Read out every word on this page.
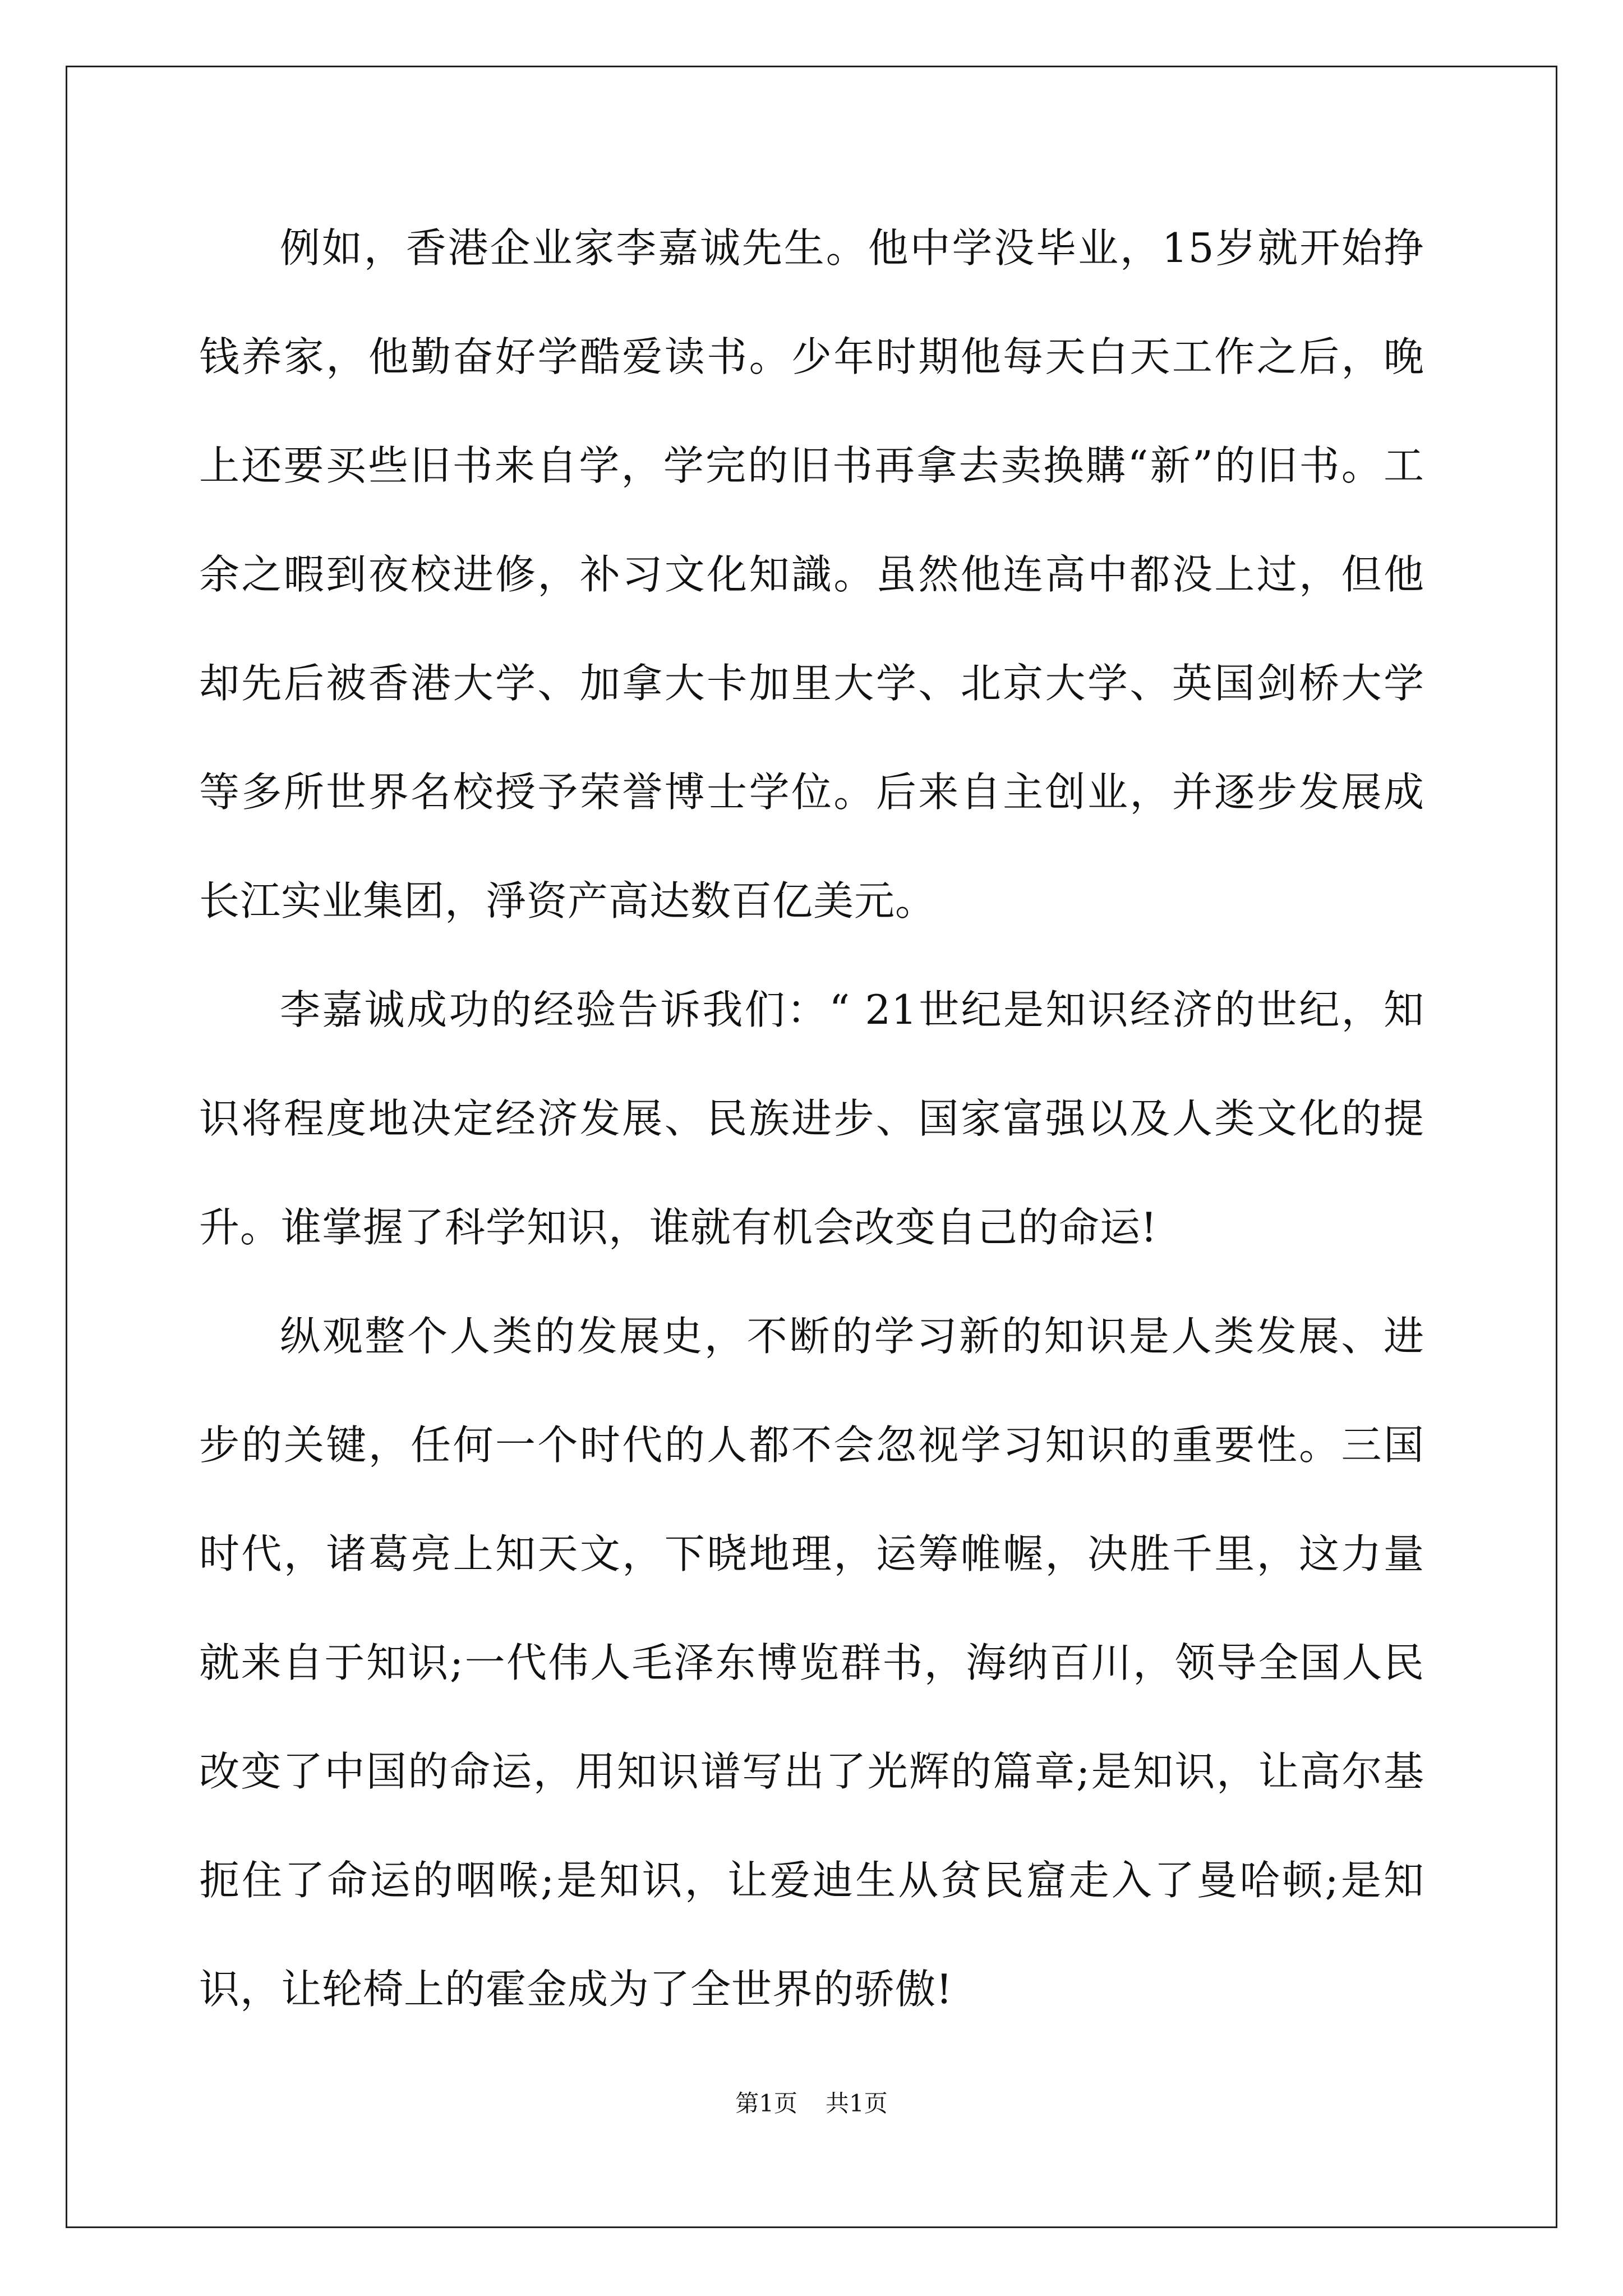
例如，香港企业家李嘉诚先生。他中学没毕业，15岁就开始挣钱养家，他勤奋好学酷爱读书。少年时期他每天白天工作之后，晚上还要买些旧书来自学，学完的旧书再拿去卖换購“新”的旧书。工余之暇到夜校进修，补习文化知識。虽然他连高中都没上过，但他却先后被香港大学、加拿大卡加里大学、北京大学、英国剑桥大学等多所世界名校授予荣誉博士学位。后来自主创业，并逐步发展成长江实业集团，淨资产高达数百亿美元。

李嘉诚成功的经验告诉我们：“ 21世纪是知识经济的世纪，知识将程度地决定经济发展、民族进步、国家富强以及人类文化的提升。谁掌握了科学知识，谁就有机会改变自己的命运!

纵观整个人类的发展史，不断的学习新的知识是人类发展、进步的关键，任何一个时代的人都不会忽视学习知识的重要性。三国时代，诸葛亮上知天文，下晓地理，运筹帷幄，决胜千里，这力量就来自于知识;一代伟人毛泽东博览群书，海纳百川，领导全国人民改变了中国的命运，用知识谱写出了光辉的篇章;是知识，让高尔基扼住了命运的咽喉;是知识，让爱迪生从贫民窟走入了曼哈顿;是知识，让轮椅上的霍金成为了全世界的骄傲!

第1页 共1页
